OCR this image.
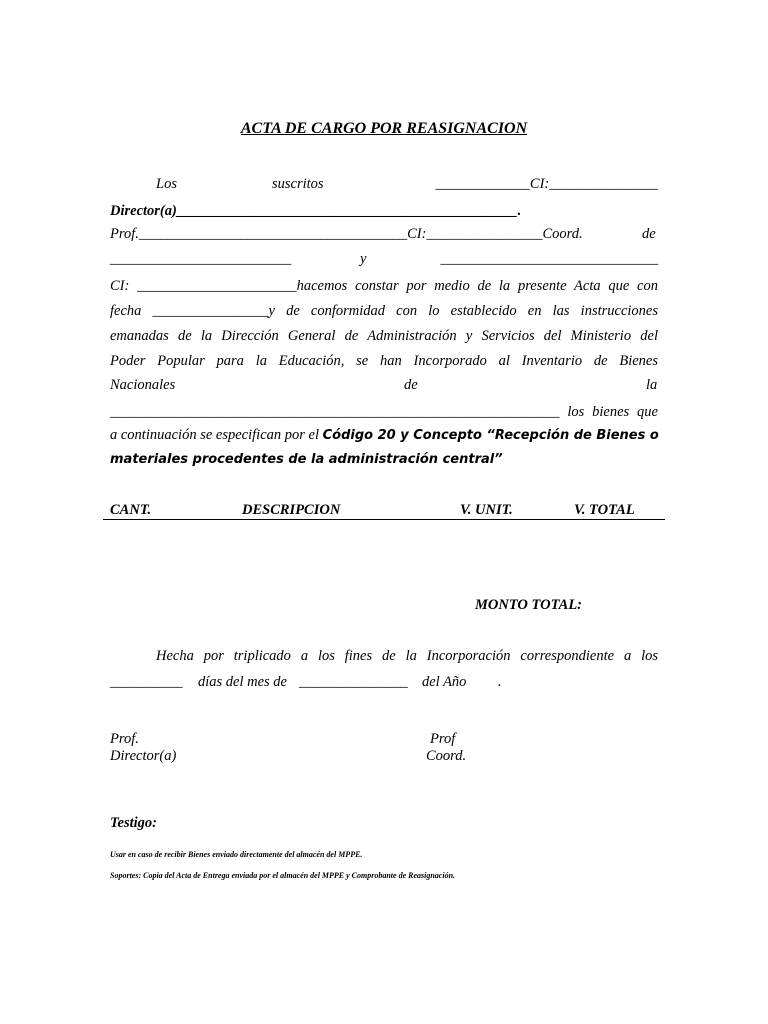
ACTA DE CARGO POR REASIGNACION
Los	suscritos	_____________CI:_______________
Director(a)_______________________________________________.
Prof._____________________________________CI:________________Coord.	de
_________________________	y	______________________________
CI: ______________________hacemos constar por medio de la presente Acta que con
fecha ________________y de conformidad con lo establecido en las instrucciones
emanadas de la Dirección General de Administración y Servicios del Ministerio del
Poder Popular para la Educación, se han Incorporado al Inventario de Bienes
Nacionales	de	la
______________________________________________________________ los bienes que
a continuación se especifican por el Código 20 y Concepto “Recepción de Bienes o
materiales procedentes de la administración central”
CANT.	DESCRIPCION	V. UNIT.	V. TOTAL
MONTO TOTAL:
Hecha por triplicado a los fines de la Incorporación correspondiente a los
__________ días del mes de _______________ del Año .
Prof.
Director(a)
Prof
Coord.
Testigo:
Usar en caso de recibir Bienes enviado directamente del almacén del MPPE.
Soportes: Copia del Acta de Entrega enviada por el almacén del MPPE y Comprobante de Reasignación.
